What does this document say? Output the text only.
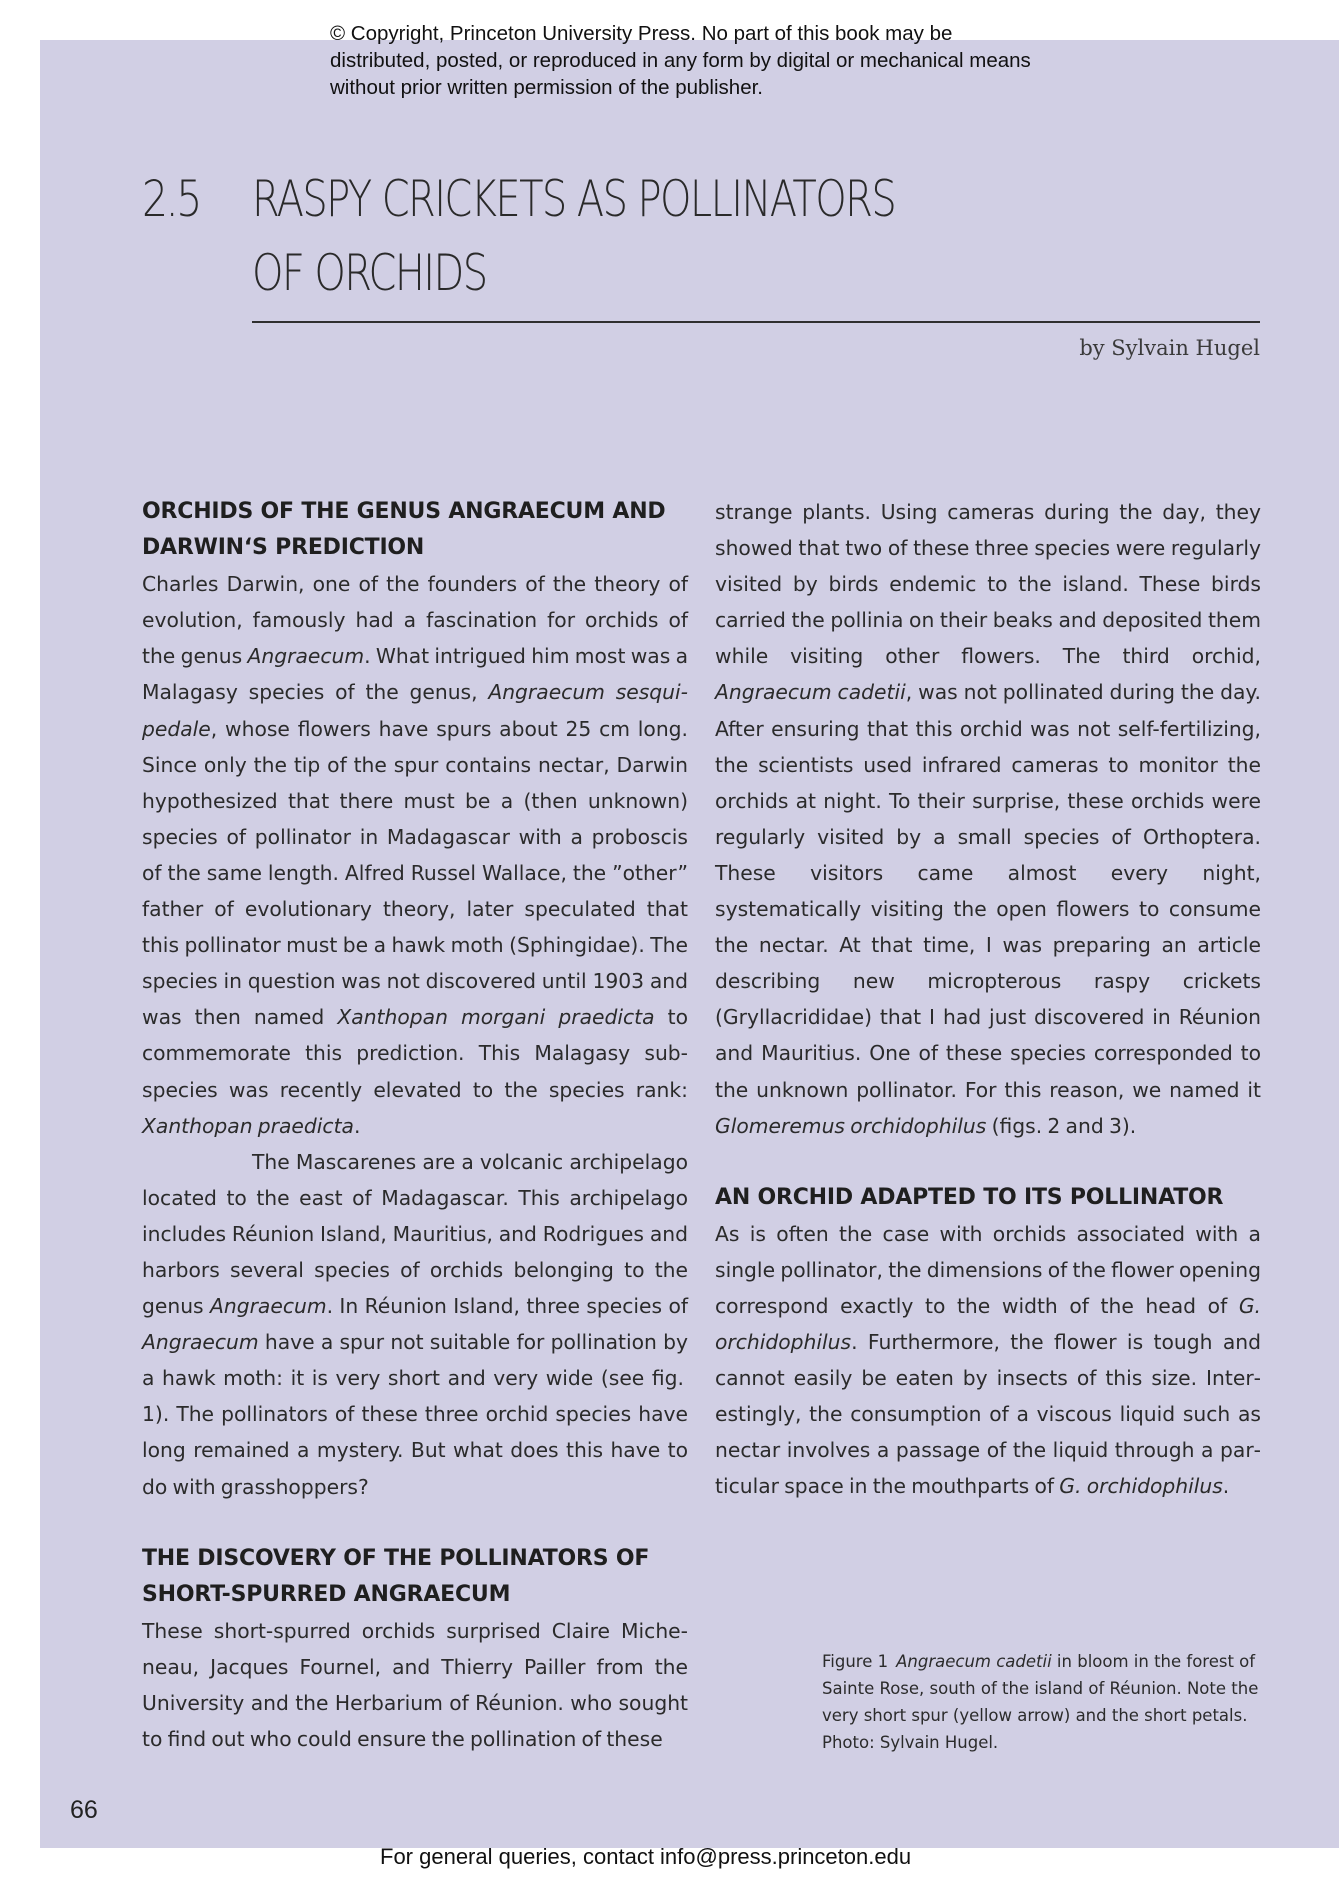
© Copyright, Princeton University Press. No part of this book may be distributed, posted, or reproduced in any form by digital or mechanical means without prior written permission of the publisher.

2.5 RASPY CRICKETS AS POLLINATORS
OF ORCHIDS

by Sylvain Hugel

ORCHIDS OF THE GENUS ANGRAECUM AND DARWIN‘S PREDICTION

Charles Darwin, one of the founders of the theory of evolution, famously had a fascination for orchids of the genus Angraecum. What intrigued him most was a Malagasy species of the genus, Angraecum sesquipedale, whose flowers have spurs about 25 cm long. Since only the tip of the spur contains nectar, Darwin hypothesized that there must be a (then unknown) species of pollinator in Madagascar with a proboscis of the same length. Alfred Russel Wallace, the ”other” father of evolutionary theory, later speculated that this pollinator must be a hawk moth (Sphingidae). The species in question was not discovered until 1903 and was then named Xanthopan morgani praedicta to commemorate this prediction. This Malagasy subspecies was recently elevated to the species rank: Xanthopan praedicta.

The Mascarenes are a volcanic archipelago located to the east of Madagascar. This archipelago includes Réunion Island, Mauritius, and Rodrigues and harbors several species of orchids belonging to the genus Angraecum. In Réunion Island, three species of Angraecum have a spur not suitable for pollination by a hawk moth: it is very short and very wide (see fig. 1). The pollinators of these three orchid species have long remained a mystery. But what does this have to do with grasshoppers?

THE DISCOVERY OF THE POLLINATORS OF SHORT-SPURRED ANGRAECUM

These short-spurred orchids surprised Claire Micheneau, Jacques Fournel, and Thierry Pailler from the University and the Herbarium of Réunion. who sought to find out who could ensure the pollination of these

strange plants. Using cameras during the day, they showed that two of these three species were regularly visited by birds endemic to the island. These birds carried the pollinia on their beaks and deposited them while visiting other flowers. The third orchid, Angraecum cadetii, was not pollinated during the day. After ensuring that this orchid was not self-fertilizing, the scientists used infrared cameras to monitor the orchids at night. To their surprise, these orchids were regularly visited by a small species of Orthoptera. These visitors came almost every night, systematically visiting the open flowers to consume the nectar. At that time, I was preparing an article describing new micropterous raspy crickets (Gryllacrididae) that I had just discovered in Réunion and Mauritius. One of these species corresponded to the unknown pollinator. For this reason, we named it Glomeremus orchidophilus (figs. 2 and 3).

AN ORCHID ADAPTED TO ITS POLLINATOR

As is often the case with orchids associated with a single pollinator, the dimensions of the flower opening correspond exactly to the width of the head of G. orchidophilus. Furthermore, the flower is tough and cannot easily be eaten by insects of this size. Interestingly, the consumption of a viscous liquid such as nectar involves a passage of the liquid through a particular space in the mouthparts of G. orchidophilus.

Figure 1 Angraecum cadetii in bloom in the forest of Sainte Rose, south of the island of Réunion. Note the very short spur (yellow arrow) and the short petals. Photo: Sylvain Hugel.

66

For general queries, contact info@press.princeton.edu
